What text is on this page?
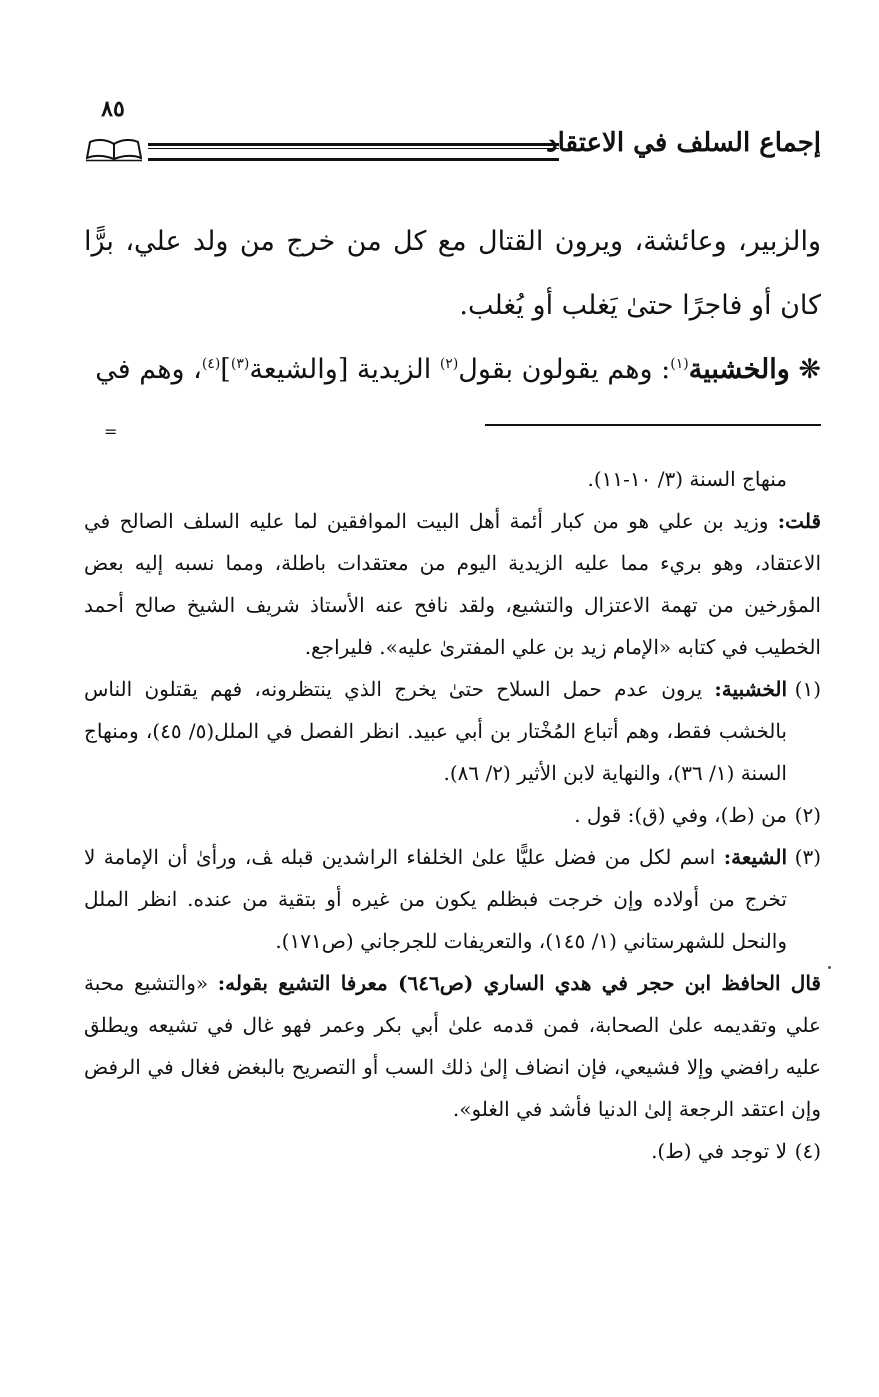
٨٥
إجماع السلف في الاعتقاد

والزبير، وعائشة، ويرون القتال مع كل من خرج من ولد علي، برًّا كان أو فاجرًا حتىٰ يَغلب أو يُغلب.

❋ والخشبية$^{(١)}$: وهم يقولون بقول$^{(٢)}$ الزيدية [والشيعة$^{(٣)}$]$^{(٤)}$، وهم في

=

منهاج السنة (٣/ ١٠-١١).

قلت: وزيد بن علي هو من كبار أئمة أهل البيت الموافقين لما عليه السلف الصالح في الاعتقاد، وهو بريء مما عليه الزيدية اليوم من معتقدات باطلة، ومما نسبه إليه بعض المؤرخين من تهمة الاعتزال والتشيع، ولقد نافح عنه الأستاذ شريف الشيخ صالح أحمد الخطيب في كتابه «الإمام زيد بن علي المفترىٰ عليه». فليراجع.

(١)
الخشبية: يرون عدم حمل السلاح حتىٰ يخرج الذي ينتظرونه، فهم يقتلون الناس بالخشب فقط، وهم أتباع المُخْتار بن أبي عبيد. انظر الفصل في الملل(٥/ ٤٥)، ومنهاج السنة (١/ ٣٦)، والنهاية لابن الأثير (٢/ ٨٦).
(٢)
من (ط)، وفي (ق): قول .
(٣)
الشيعة: اسم لكل من فضل عليًّا علىٰ الخلفاء الراشدين قبله ﭫ، ورأىٰ أن الإمامة لا تخرج من أولاده وإن خرجت فبظلم يكون من غيره أو بتقية من عنده. انظر الملل والنحل للشهرستاني (١/ ١٤٥)، والتعريفات للجرجاني (ص١٧١).

قال الحافظ ابن حجر في هدي الساري (ص٦٤٦) معرفا التشيع بقوله: «والتشيع محبة علي وتقديمه علىٰ الصحابة، فمن قدمه علىٰ أبي بكر وعمر فهو غال في تشيعه ويطلق عليه رافضي وإلا فشيعي، فإن انضاف إلىٰ ذلك السب أو التصريح بالبغض فغال في الرفض وإن اعتقد الرجعة إلىٰ الدنيا فأشد في الغلو».

(٤)
لا توجد في (ط).
